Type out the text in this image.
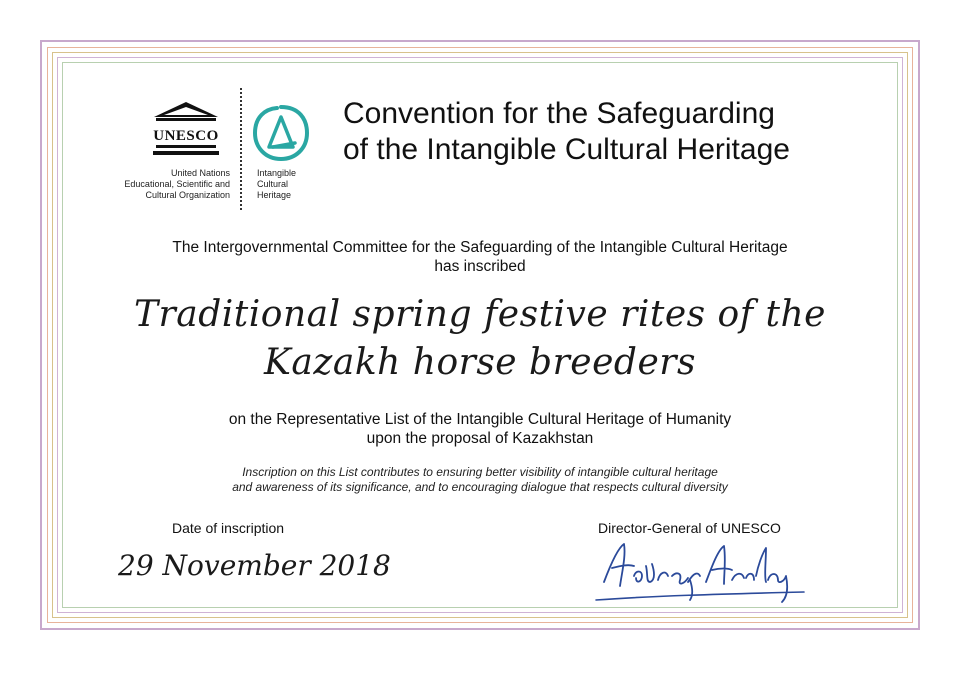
UNESCO
United Nations
Educational, Scientific and
Cultural Organization
Intangible
Cultural
Heritage
Convention for the Safeguarding
of the Intangible Cultural Heritage
The Intergovernmental Committee for the Safeguarding of the Intangible Cultural Heritage
has inscribed
Traditional spring festive rites of the Kazakh horse breeders
on the Representative List of the Intangible Cultural Heritage of Humanity
upon the proposal of Kazakhstan
Inscription on this List contributes to ensuring better visibility of intangible cultural heritage
and awareness of its significance, and to encouraging dialogue that respects cultural diversity
Date of inscription
29 November 2018
Director-General of UNESCO
